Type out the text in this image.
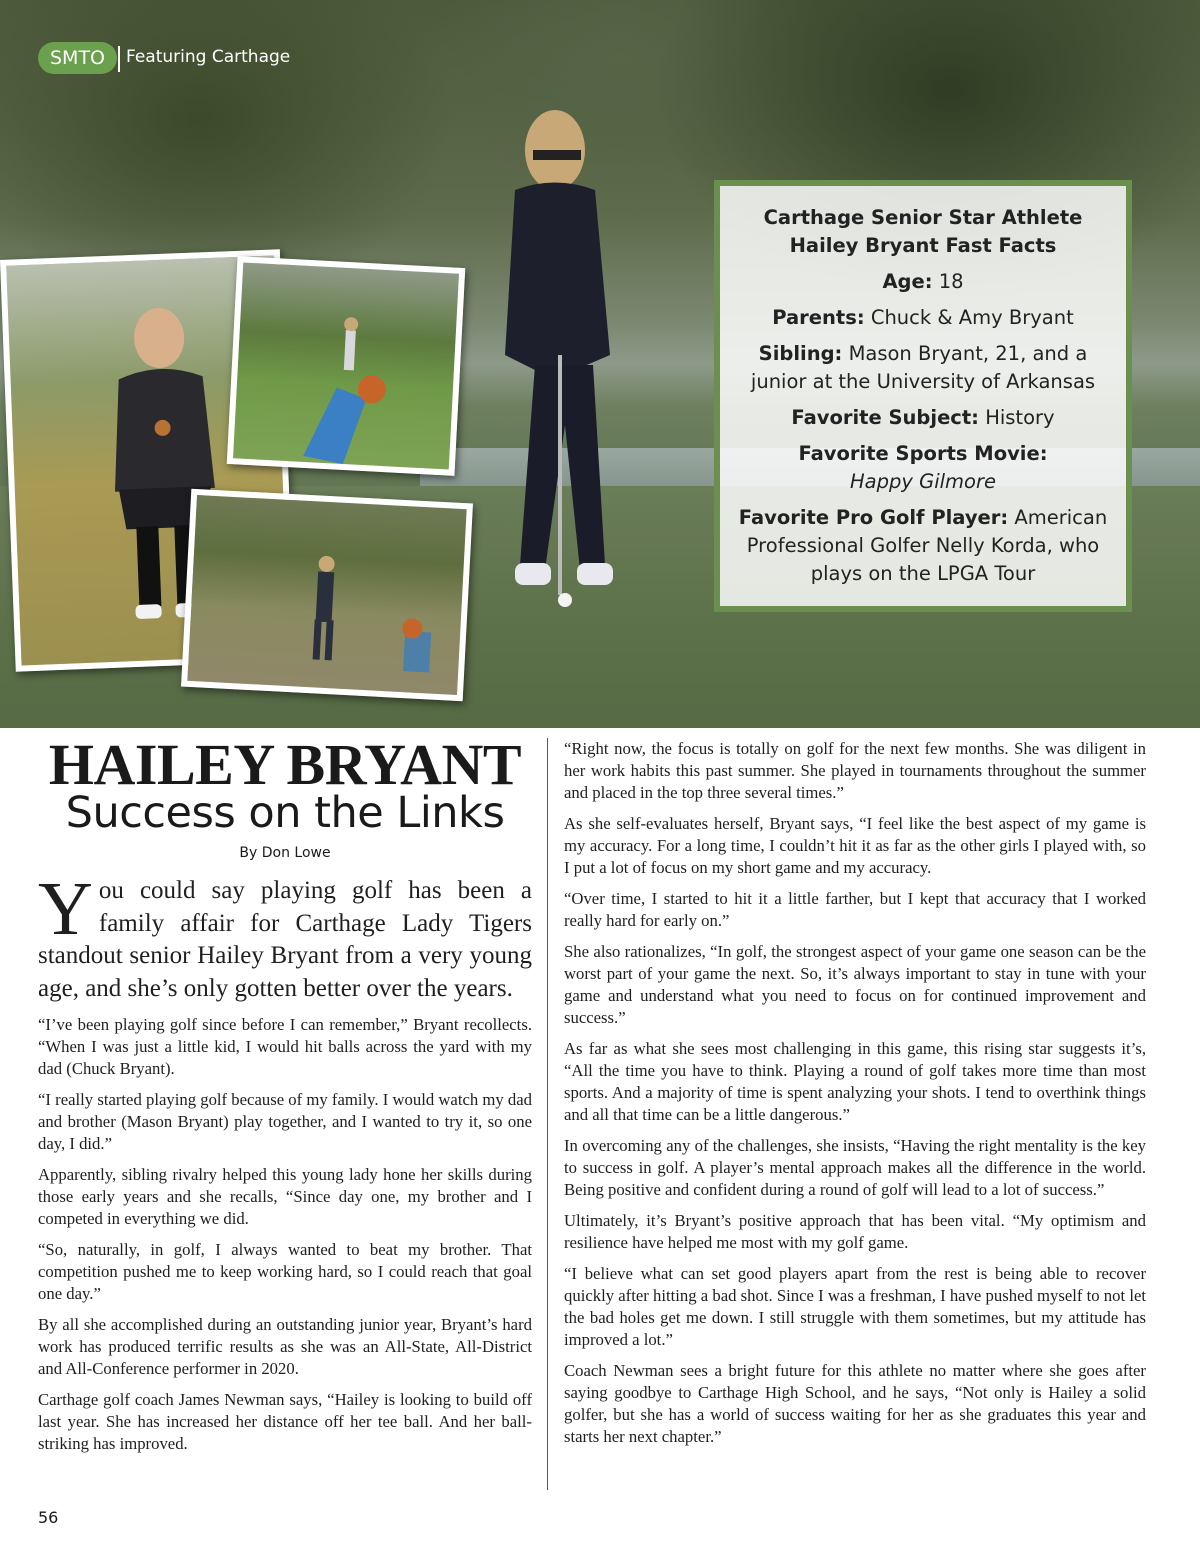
SMTO	Featuring Carthage

Carthage Senior Star Athlete
Hailey Bryant Fast Facts

Age: 18

Parents: Chuck & Amy Bryant

Sibling: Mason Bryant, 21, and a junior at the University of Arkansas

Favorite Subject: History

Favorite Sports Movie:
Happy Gilmore

Favorite Pro Golf Player: American Professional Golfer Nelly Korda, who plays on the LPGA Tour

HAILEY BRYANT
Success on the Links
By Don Lowe

You could say playing golf has been a family affair for Carthage Lady Tigers standout senior Hailey Bryant from a very young age, and she’s only gotten better over the years.

“I’ve been playing golf since before I can remember,” Bryant recollects. “When I was just a little kid, I would hit balls across the yard with my dad (Chuck Bryant).

“I really started playing golf because of my family. I would watch my dad and brother (Mason Bryant) play together, and I wanted to try it, so one day, I did.”

Apparently, sibling rivalry helped this young lady hone her skills during those early years and she recalls, “Since day one, my brother and I competed in everything we did.

“So, naturally, in golf, I always wanted to beat my brother. That competition pushed me to keep working hard, so I could reach that goal one day.”

By all she accomplished during an outstanding junior year, Bryant’s hard work has produced terrific results as she was an All-State, All-District and All-Conference performer in 2020.

Carthage golf coach James Newman says, “Hailey is looking to build off last year. She has increased her distance off her tee ball. And her ball-striking has improved.

“Right now, the focus is totally on golf for the next few months. She was diligent in her work habits this past summer. She played in tournaments throughout the summer and placed in the top three several times.”

As she self-evaluates herself, Bryant says, “I feel like the best aspect of my game is my accuracy. For a long time, I couldn’t hit it as far as the other girls I played with, so I put a lot of focus on my short game and my accuracy.

“Over time, I started to hit it a little farther, but I kept that accuracy that I worked really hard for early on.”

She also rationalizes, “In golf, the strongest aspect of your game one season can be the worst part of your game the next. So, it’s always important to stay in tune with your game and understand what you need to focus on for continued improvement and success.”

As far as what she sees most challenging in this game, this rising star suggests it’s, “All the time you have to think. Playing a round of golf takes more time than most sports. And a majority of time is spent analyzing your shots. I tend to overthink things and all that time can be a little dangerous.”

In overcoming any of the challenges, she insists, “Having the right mentality is the key to success in golf. A player’s mental approach makes all the difference in the world. Being positive and confident during a round of golf will lead to a lot of success.”

Ultimately, it’s Bryant’s positive approach that has been vital. “My optimism and resilience have helped me most with my golf game.

“I believe what can set good players apart from the rest is being able to recover quickly after hitting a bad shot. Since I was a freshman, I have pushed myself to not let the bad holes get me down. I still struggle with them sometimes, but my attitude has improved a lot.”

Coach Newman sees a bright future for this athlete no matter where she goes after saying goodbye to Carthage High School, and he says, “Not only is Hailey a solid golfer, but she has a world of success waiting for her as she graduates this year and starts her next chapter.”

56
